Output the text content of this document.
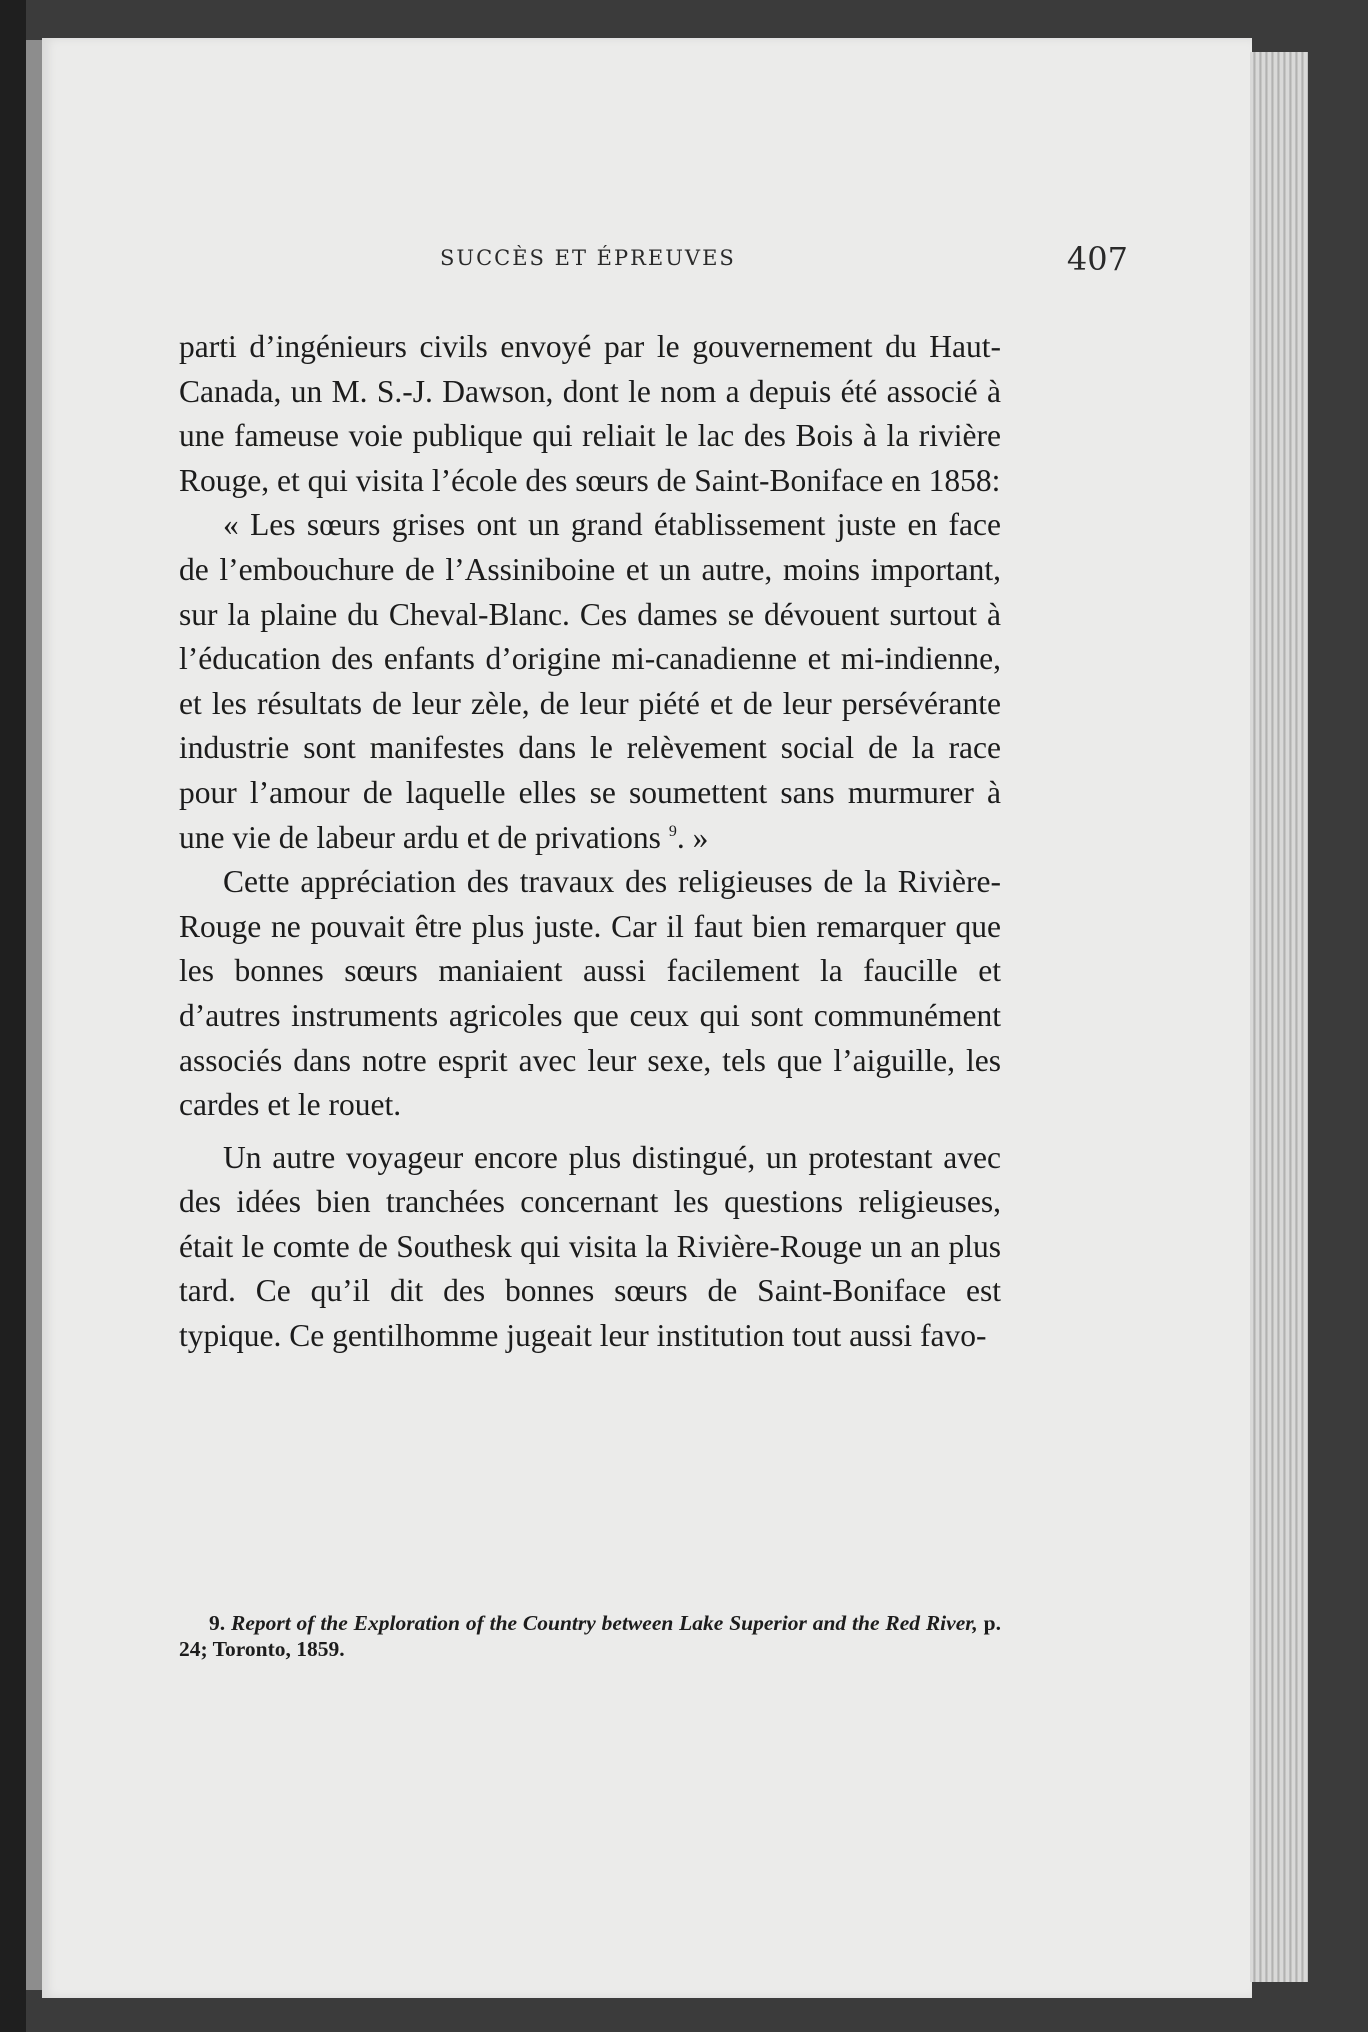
SUCCÈS ET ÉPREUVES	407

parti d’ingénieurs civils envoyé par le gouvernement du Haut-Canada, un M. S.-J. Dawson, dont le nom a depuis été associé à une fameuse voie publique qui reliait le lac des Bois à la rivière Rouge, et qui visita l’école des sœurs de Saint-Boniface en 1858:

« Les sœurs grises ont un grand établissement juste en face de l’embouchure de l’Assiniboine et un autre, moins important, sur la plaine du Cheval-Blanc. Ces dames se dévouent surtout à l’éducation des enfants d’origine mi-canadienne et mi-indienne, et les résultats de leur zèle, de leur piété et de leur persévérante industrie sont manifestes dans le relèvement social de la race pour l’amour de laquelle elles se soumettent sans murmurer à une vie de labeur ardu et de privations $^9$. »

Cette appréciation des travaux des religieuses de la Rivière-Rouge ne pouvait être plus juste. Car il faut bien remarquer que les bonnes sœurs maniaient aussi facilement la faucille et d’autres instruments agricoles que ceux qui sont communément associés dans notre esprit avec leur sexe, tels que l’aiguille, les cardes et le rouet.

Un autre voyageur encore plus distingué, un protestant avec des idées bien tranchées concernant les questions religieuses, était le comte de Southesk qui visita la Rivière-Rouge un an plus tard. Ce qu’il dit des bonnes sœurs de Saint-Boniface est typique. Ce gentilhomme jugeait leur institution tout aussi favo-

9. Report of the Exploration of the Country between Lake Superior and the Red River, p. 24; Toronto, 1859.
